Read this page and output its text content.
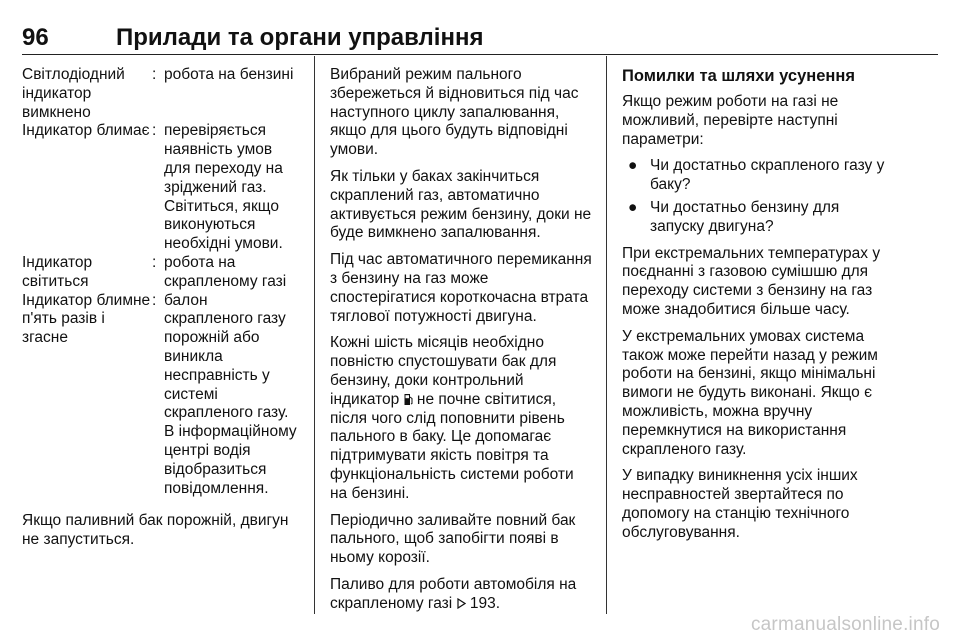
96	Прилади та органи управління
Світлодіодний індикатор вимкнено	:	робота на бензині
Індикатор блимає	:	перевіряється наявність умов для переходу на зріджений газ. Світиться, якщо виконуються необхідні умови.
Індикатор світиться	:	робота на скрапленому газі
Індикатор блимне п'ять разів і згасне	:	балон скрапленого газу порожній або виникла несправність у системі скрапленого газу. В інформаційному центрі водія відобразиться повідомлення.

Якщо паливний бак порожній, двигун не запуститься.

Вибраний режим пального збережеться й відновиться під час наступного циклу запалювання, якщо для цього будуть відповідні умови.

Як тільки у баках закінчиться скраплений газ, автоматично активується режим бензину, доки не буде вимкнено запалювання.

Під час автоматичного перемикання з бензину на газ може спостерігатися короткочасна втрата тяглової потужності двигуна.

Кожні шість місяців необхідно повністю спустошувати бак для бензину, доки контрольний індикатор не почне світитися, після чого слід поповнити рівень пального в баку. Це допомагає підтримувати якість повітря та функціональність системи роботи на бензині.

Періодично заливайте повний бак пального, щоб запобігти появі в ньому корозії.

Паливо для роботи автомобіля на скрапленому газі 193.

Помилки та шляхи усунення

Якщо режим роботи на газі не можливий, перевірте наступні параметри:

● Чи достатньо скрапленого газу у баку?
● Чи достатньо бензину для запуску двигуна?

При екстремальних температурах у поєднанні з газовою сумішшю для переходу системи з бензину на газ може знадобитися більше часу.

У екстремальних умовах система також може перейти назад у режим роботи на бензині, якщо мінімальні вимоги не будуть виконані. Якщо є можливість, можна вручну перемкнутися на використання скрапленого газу.

У випадку виникнення усіх інших несправностей звертайтеся по допомогу на станцію технічного обслуговування.

carmanualsonline.info
